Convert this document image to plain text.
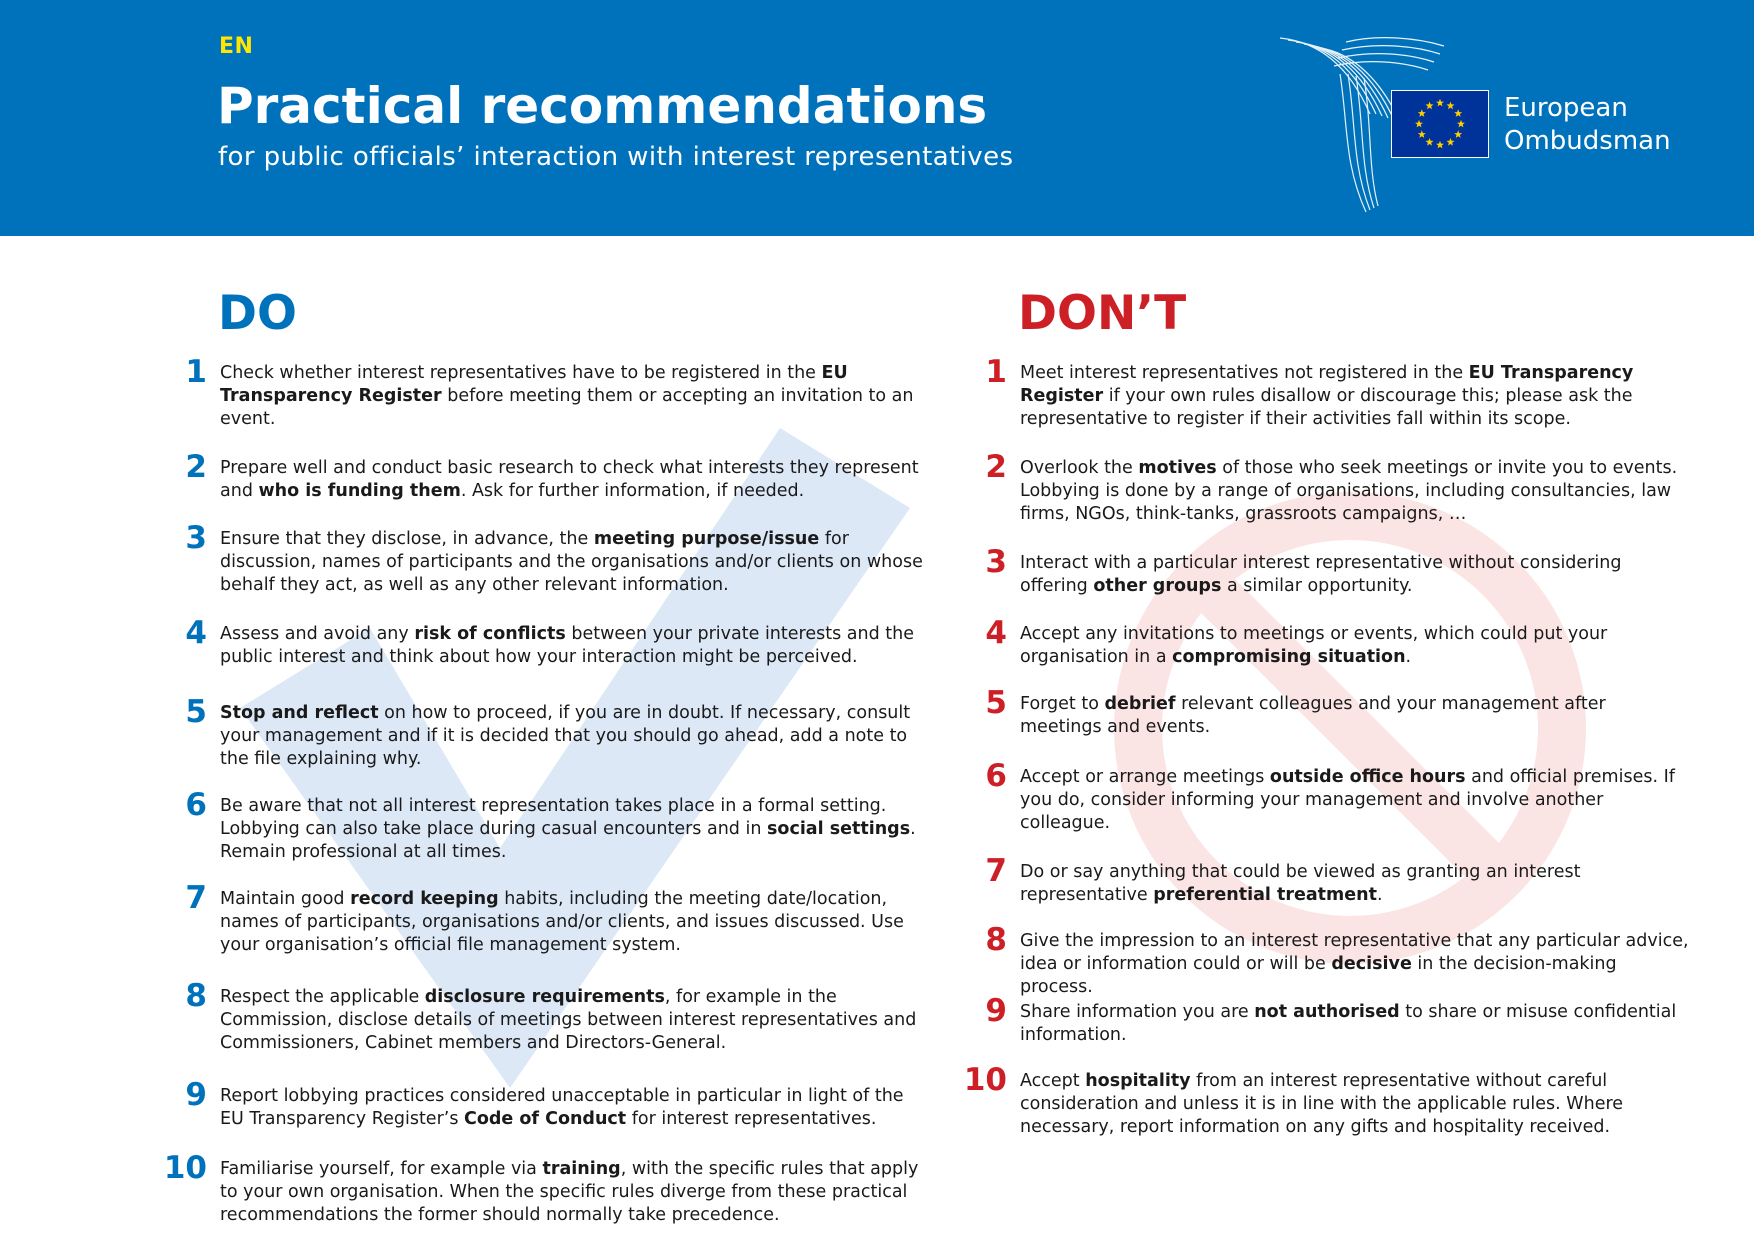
EN
Practical recommendations
for public officials’ interaction with interest representatives
European
Ombudsman
DO	DON’T
1 Check whether interest representatives have to be registered in the EU Transparency Register before meeting them or accepting an invitation to an event.
2 Prepare well and conduct basic research to check what interests they represent and who is funding them. Ask for further information, if needed.
3 Ensure that they disclose, in advance, the meeting purpose/issue for discussion, names of participants and the organisations and/or clients on whose behalf they act, as well as any other relevant information.
4 Assess and avoid any risk of conflicts between your private interests and the public interest and think about how your interaction might be perceived.
5 Stop and reflect on how to proceed, if you are in doubt. If necessary, consult your management and if it is decided that you should go ahead, add a note to the file explaining why.
6 Be aware that not all interest representation takes place in a formal setting. Lobbying can also take place during casual encounters and in social settings. Remain professional at all times.
7 Maintain good record keeping habits, including the meeting date/location, names of participants, organisations and/or clients, and issues discussed. Use your organisation’s official file management system.
8 Respect the applicable disclosure requirements, for example in the Commission, disclose details of meetings between interest representatives and Commissioners, Cabinet members and Directors-General.
9 Report lobbying practices considered unacceptable in particular in light of the EU Transparency Register’s Code of Conduct for interest representatives.
10 Familiarise yourself, for example via training, with the specific rules that apply to your own organisation. When the specific rules diverge from these practical recommendations the former should normally take precedence.
1 Meet interest representatives not registered in the EU Transparency Register if your own rules disallow or discourage this; please ask the representative to register if their activities fall within its scope.
2 Overlook the motives of those who seek meetings or invite you to events. Lobbying is done by a range of organisations, including consultancies, law firms, NGOs, think-tanks, grassroots campaigns, …
3 Interact with a particular interest representative without considering offering other groups a similar opportunity.
4 Accept any invitations to meetings or events, which could put your organisation in a compromising situation.
5 Forget to debrief relevant colleagues and your management after meetings and events.
6 Accept or arrange meetings outside office hours and official premises. If you do, consider informing your management and involve another colleague.
7 Do or say anything that could be viewed as granting an interest representative preferential treatment.
8 Give the impression to an interest representative that any particular advice, idea or information could or will be decisive in the decision-making process.
9 Share information you are not authorised to share or misuse confidential information.
10 Accept hospitality from an interest representative without careful consideration and unless it is in line with the applicable rules. Where necessary, report information on any gifts and hospitality received.
